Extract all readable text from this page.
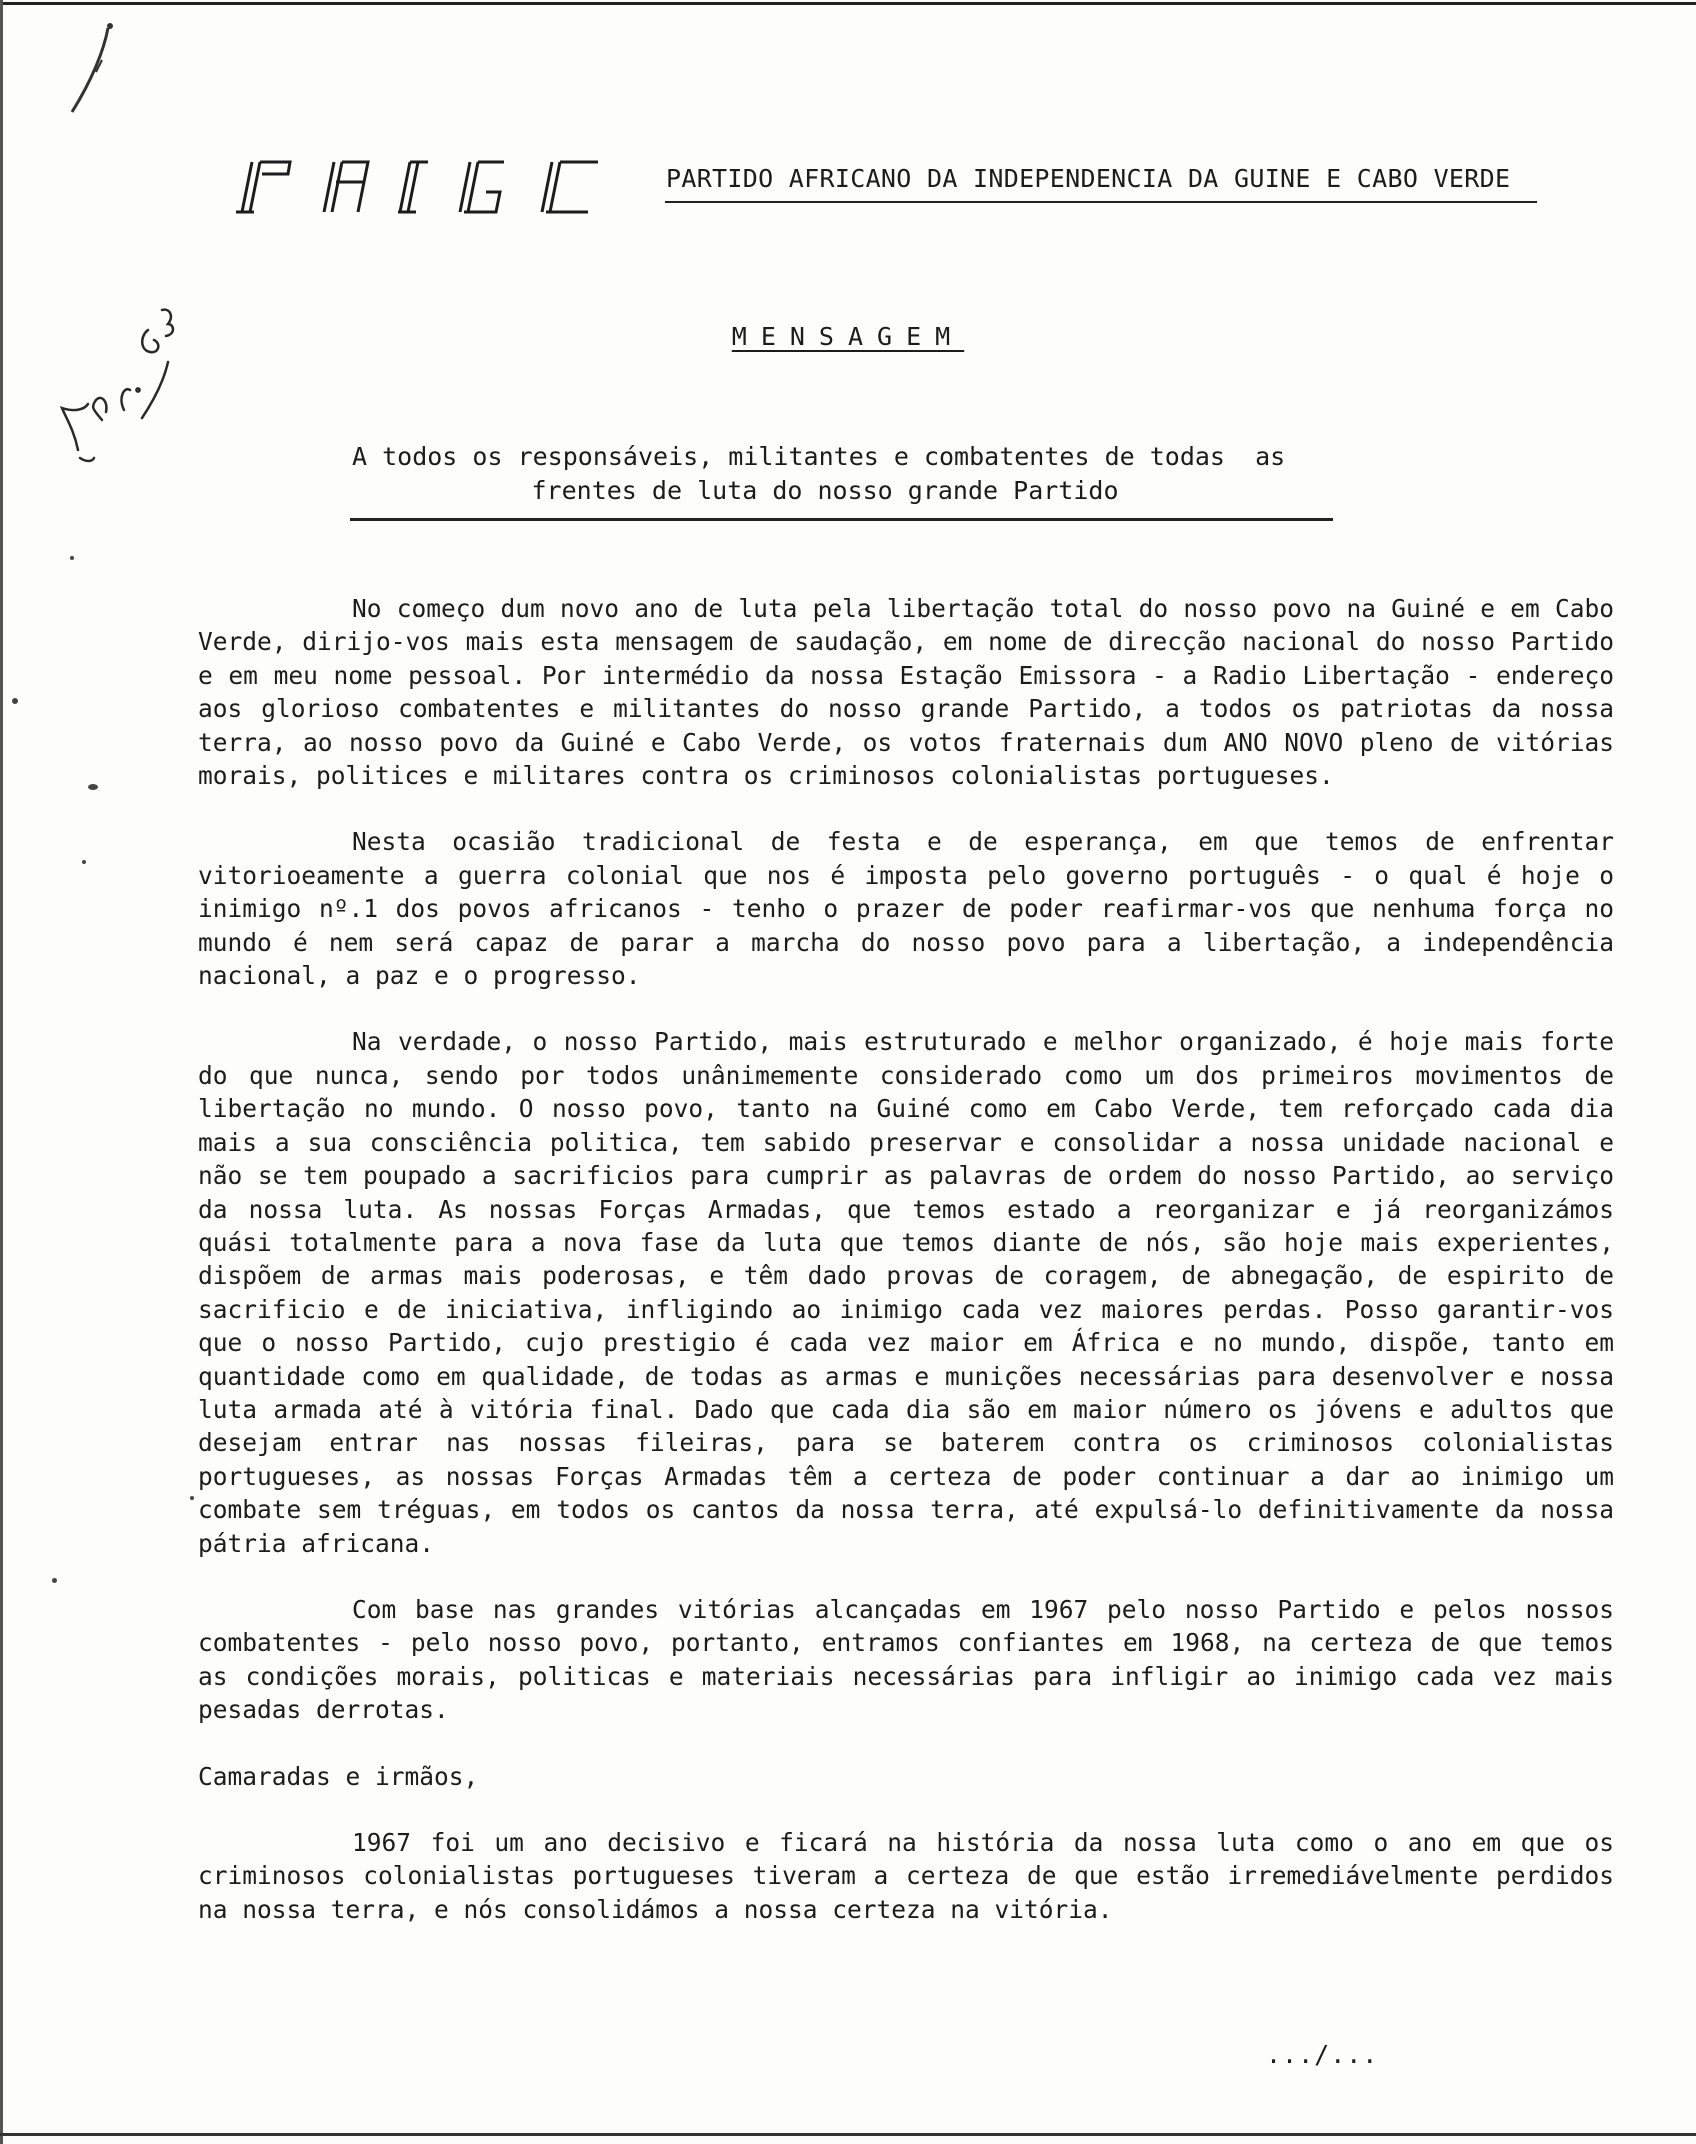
PAIGC	PARTIDO AFRICANO DA INDEPENDENCIA DA GUINE E CABO VERDE
MENSAGEM
A todos os responsáveis, militantes e combatentes de todas  as
frentes de luta do nosso grande Partido

No começo dum novo ano de luta pela libertação total do nosso povo na Guiné e em Cabo Verde, dirijo-vos mais esta mensagem de saudação, em nome de direcção nacional do nosso Partido e em meu nome pessoal. Por intermédio da nossa Estação Emissora - a Radio Libertação - endereço aos glorioso combatentes e militantes do nosso grande Partido, a todos os patriotas da nossa terra, ao nosso povo da Guiné e Cabo Verde, os votos fraternais dum ANO NOVO pleno de vitórias morais, politices e militares contra os criminosos colonialistas portugueses.

Nesta ocasião tradicional de festa e de esperança, em que temos de enfrentar vitorioeamente a guerra colonial que nos é imposta pelo governo português - o qual é hoje o inimigo nº.1 dos povos africanos - tenho o prazer de poder reafirmar-vos que nenhuma força no mundo é nem será capaz de parar a marcha do nosso povo para a libertação, a independência nacional, a paz e o progresso.

Na verdade, o nosso Partido, mais estruturado e melhor organizado, é hoje mais forte do que nunca, sendo por todos unânimemente considerado como um dos primeiros movimentos de libertação no mundo. O nosso povo, tanto na Guiné como em Cabo Verde, tem reforçado cada dia mais a sua consciência politica, tem sabido preservar e consolidar a nossa unidade nacional e não se tem poupado a sacrificios para cumprir as palavras de ordem do nosso Partido, ao serviço da nossa luta. As nossas Forças Armadas, que temos estado a reorganizar e já reorganizámos quási totalmente para a nova fase da luta que temos diante de nós, são hoje mais experientes, dispõem de armas mais poderosas, e têm dado provas de coragem, de abnegação, de espirito de sacrificio e de iniciativa, infligindo ao inimigo cada vez maiores perdas. Posso garantir-vos que o nosso Partido, cujo prestigio é cada vez maior em África e no mundo, dispõe, tanto em quantidade como em qualidade, de todas as armas e munições necessárias para desenvolver e nossa luta armada até à vitória final. Dado que cada dia são em maior número os jóvens e adultos que desejam entrar nas nossas fileiras, para se baterem contra os criminosos colonialistas portugueses, as nossas Forças Armadas têm a certeza de poder continuar a dar ao inimigo um combate sem tréguas, em todos os cantos da nossa terra, até expulsá-lo definitivamente da nossa pátria africana.

Com base nas grandes vitórias alcançadas em 1967 pelo nosso Partido e pelos nossos combatentes - pelo nosso povo, portanto, entramos confiantes em 1968, na certeza de que temos as condições morais, politicas e materiais necessárias para infligir ao inimigo cada vez mais pesadas derrotas.

Camaradas e irmãos,

1967 foi um ano decisivo e ficará na história da nossa luta como o ano em que os criminosos colonialistas portugueses tiveram a certeza de que estão irremediávelmente perdidos na nossa terra, e nós consolidámos a nossa certeza na vitória.

.../...
